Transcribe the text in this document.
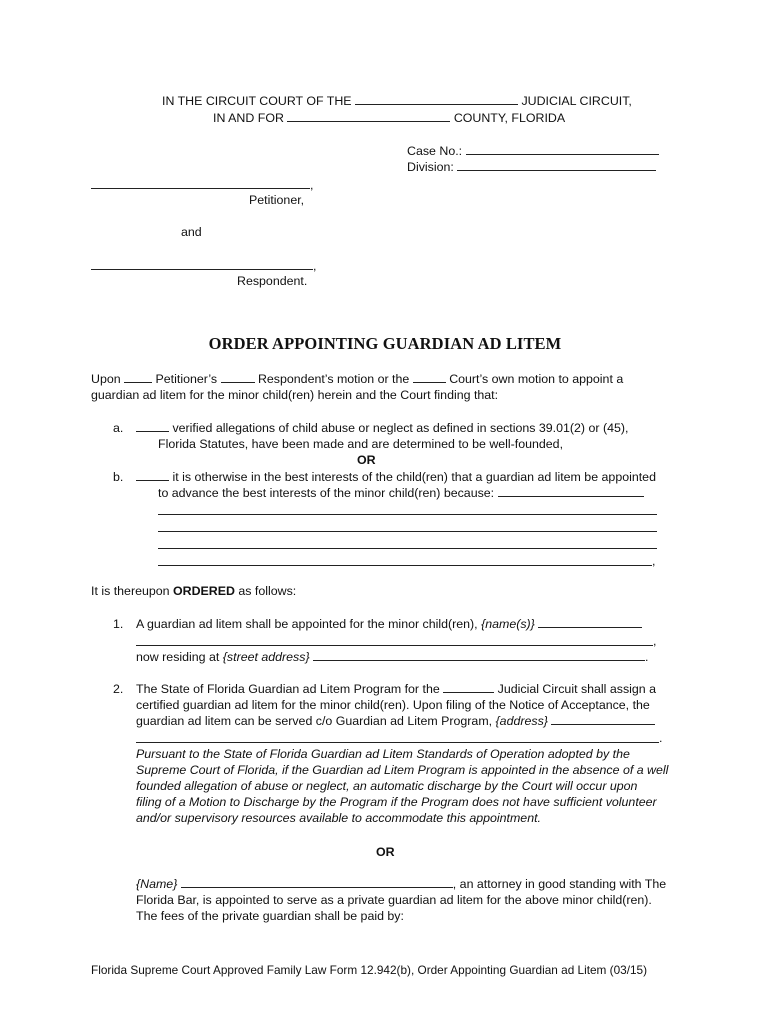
IN THE CIRCUIT COURT OF THE	JUDICIAL CIRCUIT,
IN AND FOR	COUNTY, FLORIDA
Case No.:
Division:
,
Petitioner,
and
,
Respondent.
ORDER APPOINTING GUARDIAN AD LITEM
Upon	Petitioner’s	Respondent’s motion or the	Court’s own motion to appoint a
guardian ad litem for the minor child(ren) herein and the Court finding that:
a.	verified allegations of child abuse or neglect as defined in sections 39.01(2) or (45),
Florida Statutes, have been made and are determined to be well-founded,
OR
b.	it is otherwise in the best interests of the child(ren) that a guardian ad litem be appointed
to advance the best interests of the minor child(ren) because:
,
It is thereupon ORDERED as follows:
1. A guardian ad litem shall be appointed for the minor child(ren), {name(s)}
,
now residing at {street address}	.
2. The State of Florida Guardian ad Litem Program for the	Judicial Circuit shall assign a
certified guardian ad litem for the minor child(ren). Upon filing of the Notice of Acceptance, the
guardian ad litem can be served c/o Guardian ad Litem Program, {address}
.
Pursuant to the State of Florida Guardian ad Litem Standards of Operation adopted by the
Supreme Court of Florida, if the Guardian ad Litem Program is appointed in the absence of a well
founded allegation of abuse or neglect, an automatic discharge by the Court will occur upon
filing of a Motion to Discharge by the Program if the Program does not have sufficient volunteer
and/or supervisory resources available to accommodate this appointment.
OR
{Name}	, an attorney in good standing with The
Florida Bar, is appointed to serve as a private guardian ad litem for the above minor child(ren).
The fees of the private guardian shall be paid by:
Florida Supreme Court Approved Family Law Form 12.942(b), Order Appointing Guardian ad Litem (03/15)
